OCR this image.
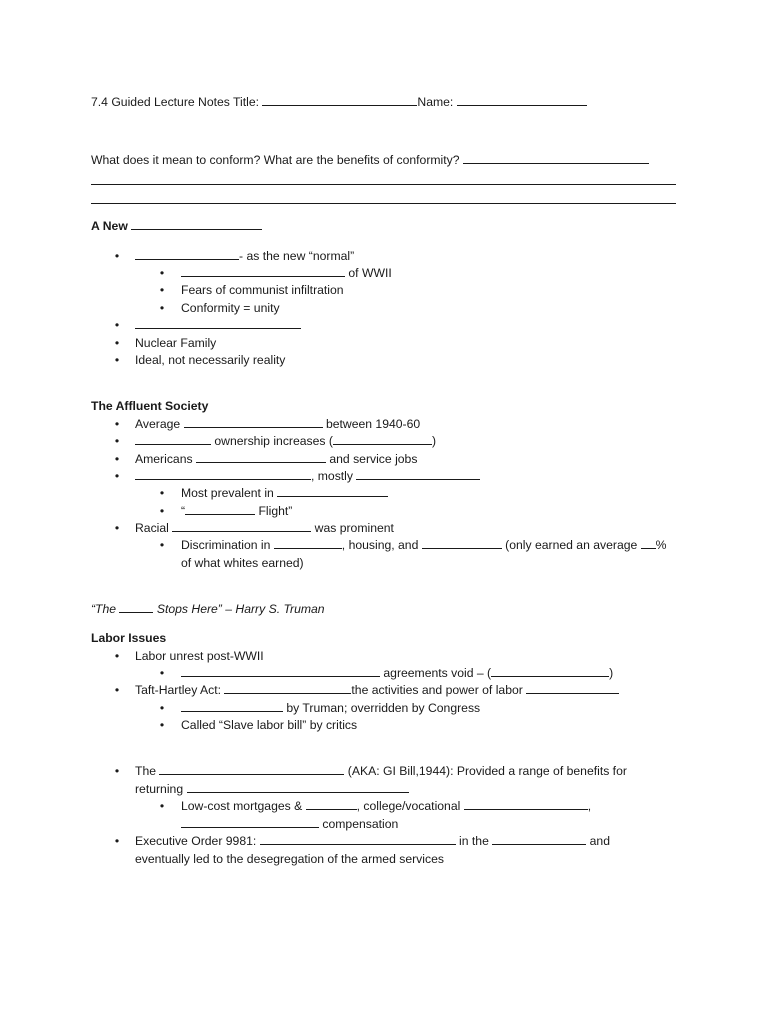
7.4 Guided Lecture Notes Title:	Name:
What does it mean to conform? What are the benefits of conformity?
A New
•	- as the new “normal”
•	of WWII
• Fears of communist infiltration
• Conformity = unity
•
• Nuclear Family
• Ideal, not necessarily reality
The Affluent Society
• Average	between 1940-60
•	ownership increases (	)
• Americans	and service jobs
•	, mostly
• Most prevalent in
• “	Flight”
• Racial	was prominent
• Discrimination in	, housing, and	(only earned an average %
of what whites earned)
“The	Stops Here” – Harry S. Truman
Labor Issues
• Labor unrest post-WWII
•	agreements void – (	)
• Taft-Hartley Act:	the activities and power of labor
•	by Truman; overridden by Congress
• Called “Slave labor bill” by critics
• The	(AKA: GI Bill,1944): Provided a range of benefits for
returning
• Low-cost mortgages &	, college/vocational	,
compensation
• Executive Order 9981:	in the	and
eventually led to the desegregation of the armed services
